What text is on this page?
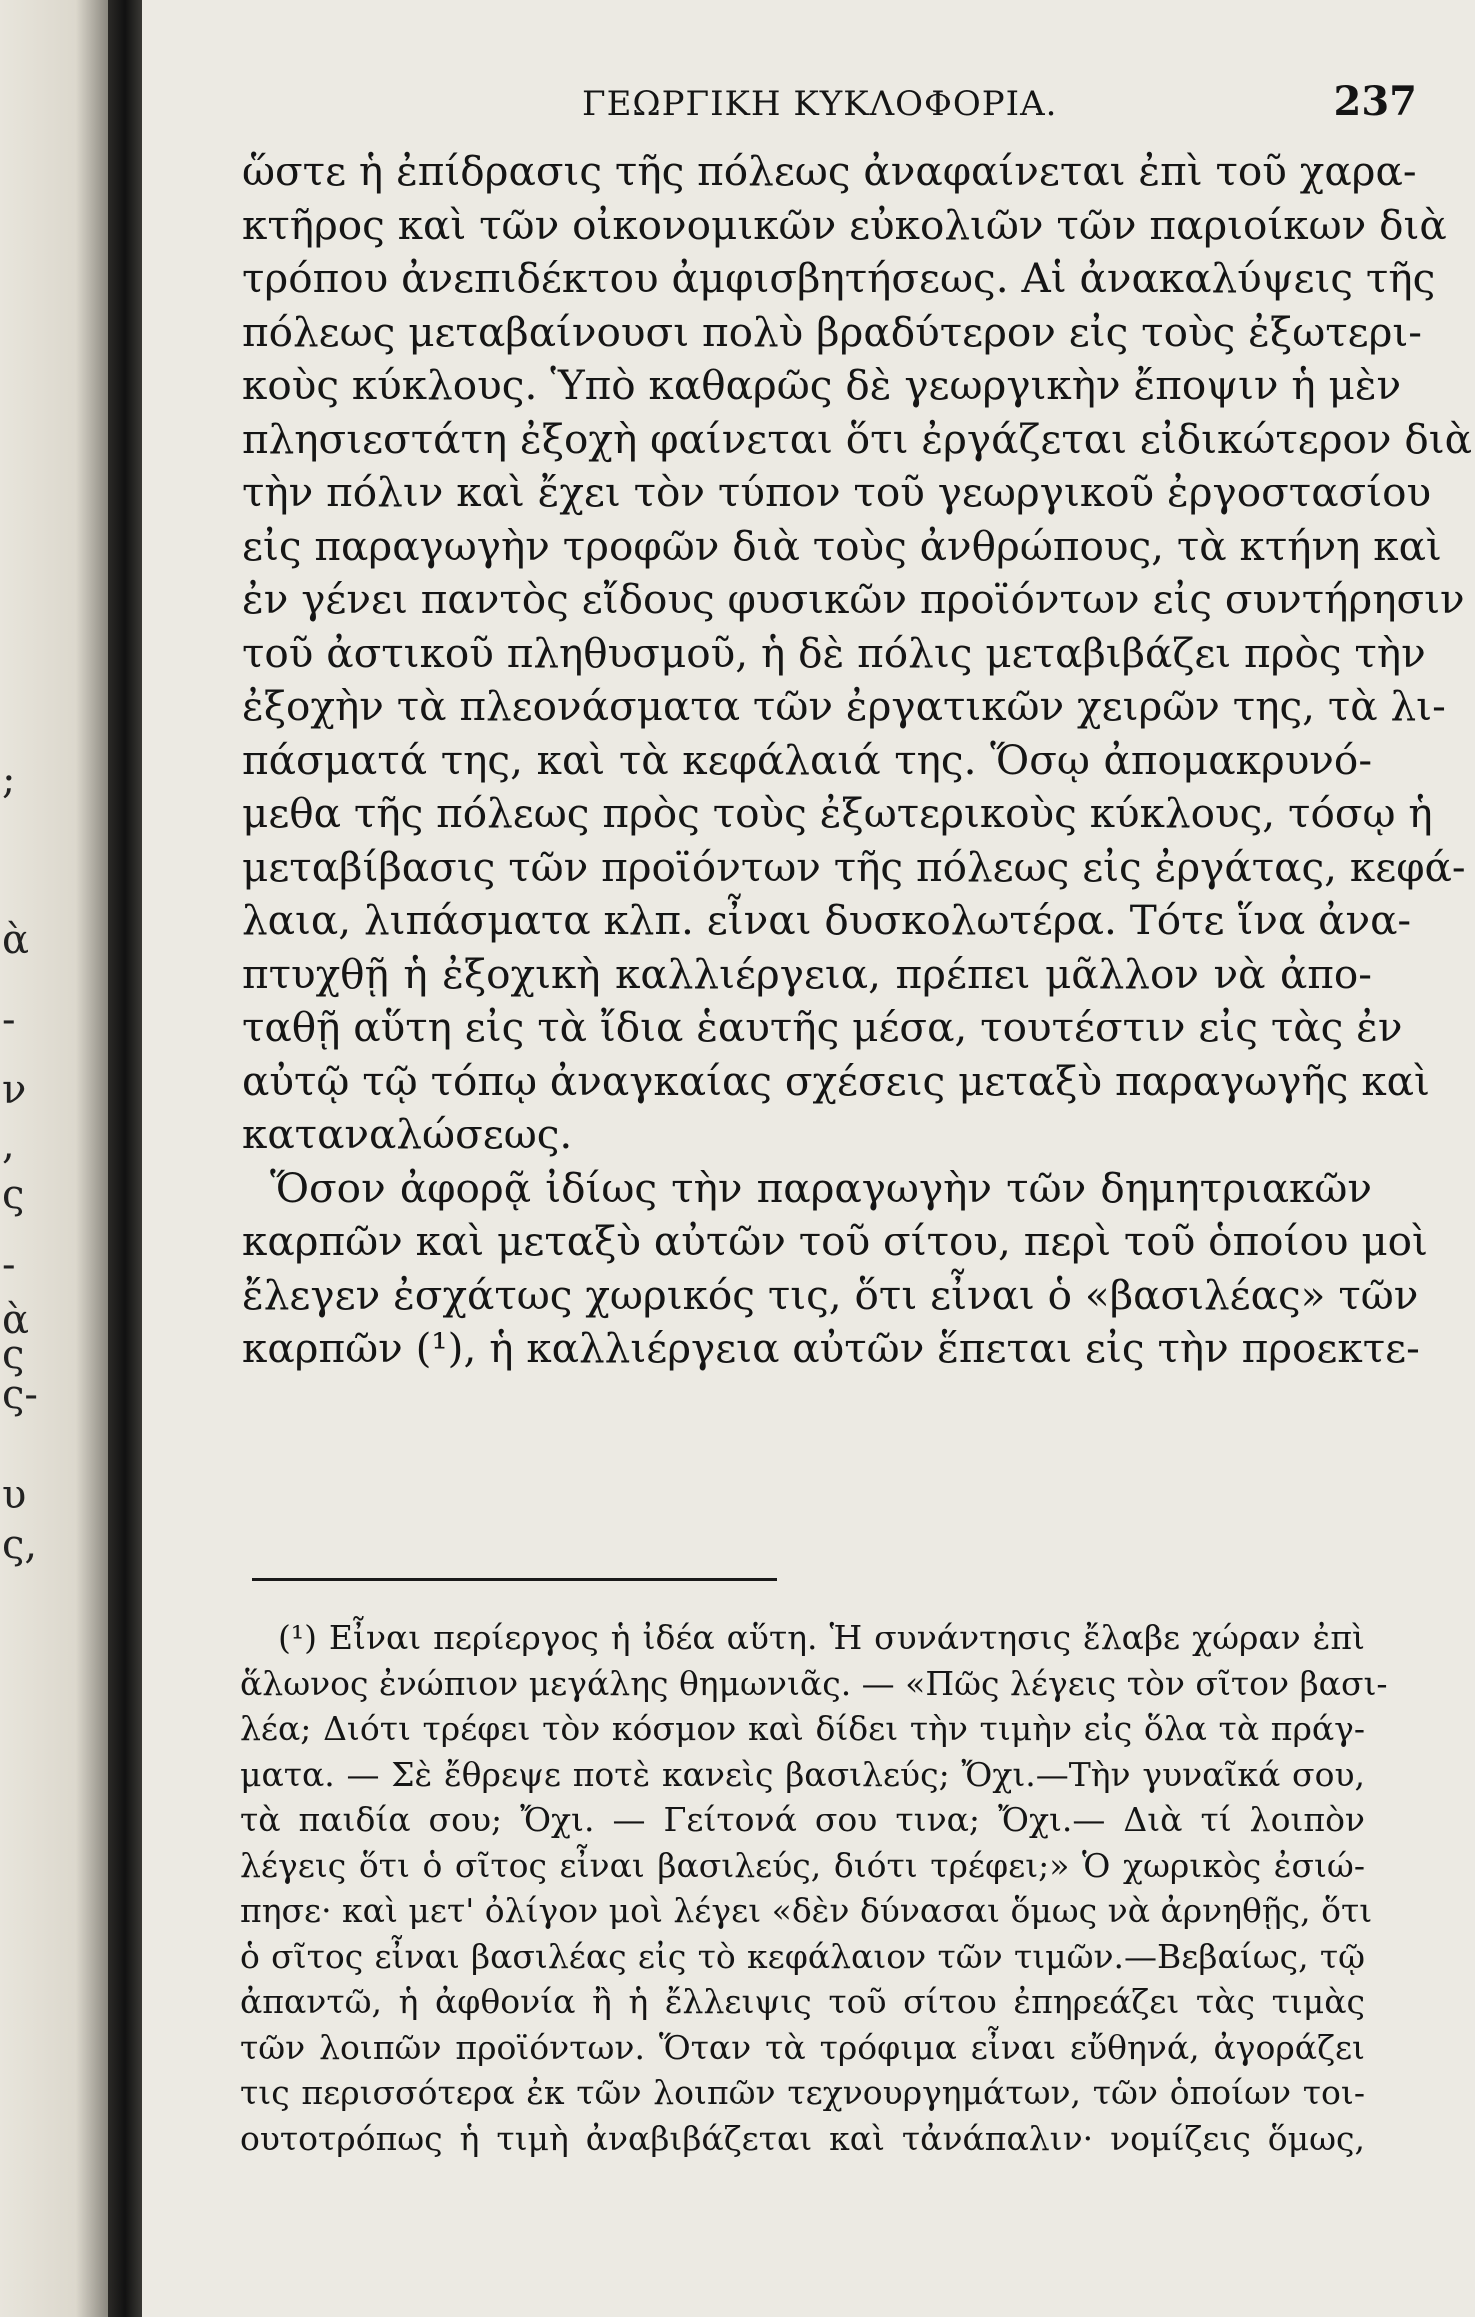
;
ὰ
-
ν
,
ς
-
ὰ
ς
ς-
υ
ς,
ΓΕΩΡΓΙΚΗ ΚΥΚΛΟΦΟΡΙΑ.	237
ὥστε ἡ ἐπίδρασις τῆς πόλεως ἀναφαίνεται ἐπὶ τοῦ χαρα-
κτῆρος καὶ τῶν οἰκονομικῶν εὐκολιῶν τῶν παριοίκων διὰ
τρόπου ἀνεπιδέκτου ἀμφισβητήσεως. Αἱ ἀνακαλύψεις τῆς
πόλεως μεταβαίνουσι πολὺ βραδύτερον εἰς τοὺς ἐξωτερι-
κοὺς κύκλους. Ὑπὸ καθαρῶς δὲ γεωργικὴν ἔποψιν ἡ μὲν
πλησιεστάτη ἐξοχὴ φαίνεται ὅτι ἐργάζεται εἰδικώτερον διὰ
τὴν πόλιν καὶ ἔχει τὸν τύπον τοῦ γεωργικοῦ ἐργοστασίου
εἰς παραγωγὴν τροφῶν διὰ τοὺς ἀνθρώπους, τὰ κτήνη καὶ
ἐν γένει παντὸς εἴδους φυσικῶν προϊόντων εἰς συντήρησιν
τοῦ ἀστικοῦ πληθυσμοῦ, ἡ δὲ πόλις μεταβιβάζει πρὸς τὴν
ἐξοχὴν τὰ πλεονάσματα τῶν ἐργατικῶν χειρῶν της, τὰ λι-
πάσματά της, καὶ τὰ κεφάλαιά της. Ὅσῳ ἀπομακρυνό-
μεθα τῆς πόλεως πρὸς τοὺς ἐξωτερικοὺς κύκλους, τόσῳ ἡ
μεταβίβασις τῶν προϊόντων τῆς πόλεως εἰς ἐργάτας, κεφά-
λαια, λιπάσματα κλπ. εἶναι δυσκολωτέρα. Τότε ἵνα ἀνα-
πτυχθῇ ἡ ἐξοχικὴ καλλιέργεια, πρέπει μᾶλλον νὰ ἀπο-
ταθῇ αὕτη εἰς τὰ ἴδια ἑαυτῆς μέσα, τουτέστιν εἰς τὰς ἐν
αὐτῷ τῷ τόπῳ ἀναγκαίας σχέσεις μεταξὺ παραγωγῆς καὶ
καταναλώσεως.
Ὅσον ἀφορᾷ ἰδίως τὴν παραγωγὴν τῶν δημητριακῶν
καρπῶν καὶ μεταξὺ αὐτῶν τοῦ σίτου, περὶ τοῦ ὁποίου μοὶ
ἔλεγεν ἐσχάτως χωρικός τις, ὅτι εἶναι ὁ «βασιλέας» τῶν
καρπῶν (¹), ἡ καλλιέργεια αὐτῶν ἕπεται εἰς τὴν προεκτε-
(¹) Εἶναι περίεργος ἡ ἰδέα αὕτη. Ἡ συνάντησις ἔλαβε χώραν ἐπὶ
ἅλωνος ἐνώπιον μεγάλης θημωνιᾶς. — «Πῶς λέγεις τὸν σῖτον βασι-
λέα; Διότι τρέφει τὸν κόσμον καὶ δίδει τὴν τιμὴν εἰς ὅλα τὰ πράγ-
ματα. — Σὲ ἔθρεψε ποτὲ κανεὶς βασιλεύς; Ὄχι.—Τὴν γυναῖκά σου,
τὰ παιδία σου; Ὄχι. — Γείτονά σου τινα; Ὄχι.— Διὰ τί λοιπὸν
λέγεις ὅτι ὁ σῖτος εἶναι βασιλεύς, διότι τρέφει;» Ὁ χωρικὸς ἐσιώ-
πησε· καὶ μετ' ὀλίγον μοὶ λέγει «δὲν δύνασαι ὅμως νὰ ἀρνηθῇς, ὅτι
ὁ σῖτος εἶναι βασιλέας εἰς τὸ κεφάλαιον τῶν τιμῶν.—Βεβαίως, τῷ
ἀπαντῶ, ἡ ἀφθονία ἢ ἡ ἔλλειψις τοῦ σίτου ἐπηρεάζει τὰς τιμὰς
τῶν λοιπῶν προϊόντων. Ὅταν τὰ τρόφιμα εἶναι εὔθηνά, ἀγοράζει
τις περισσότερα ἐκ τῶν λοιπῶν τεχνουργημάτων, τῶν ὁποίων τοι-
ουτοτρόπως ἡ τιμὴ ἀναβιβάζεται καὶ τἀνάπαλιν· νομίζεις ὅμως,
